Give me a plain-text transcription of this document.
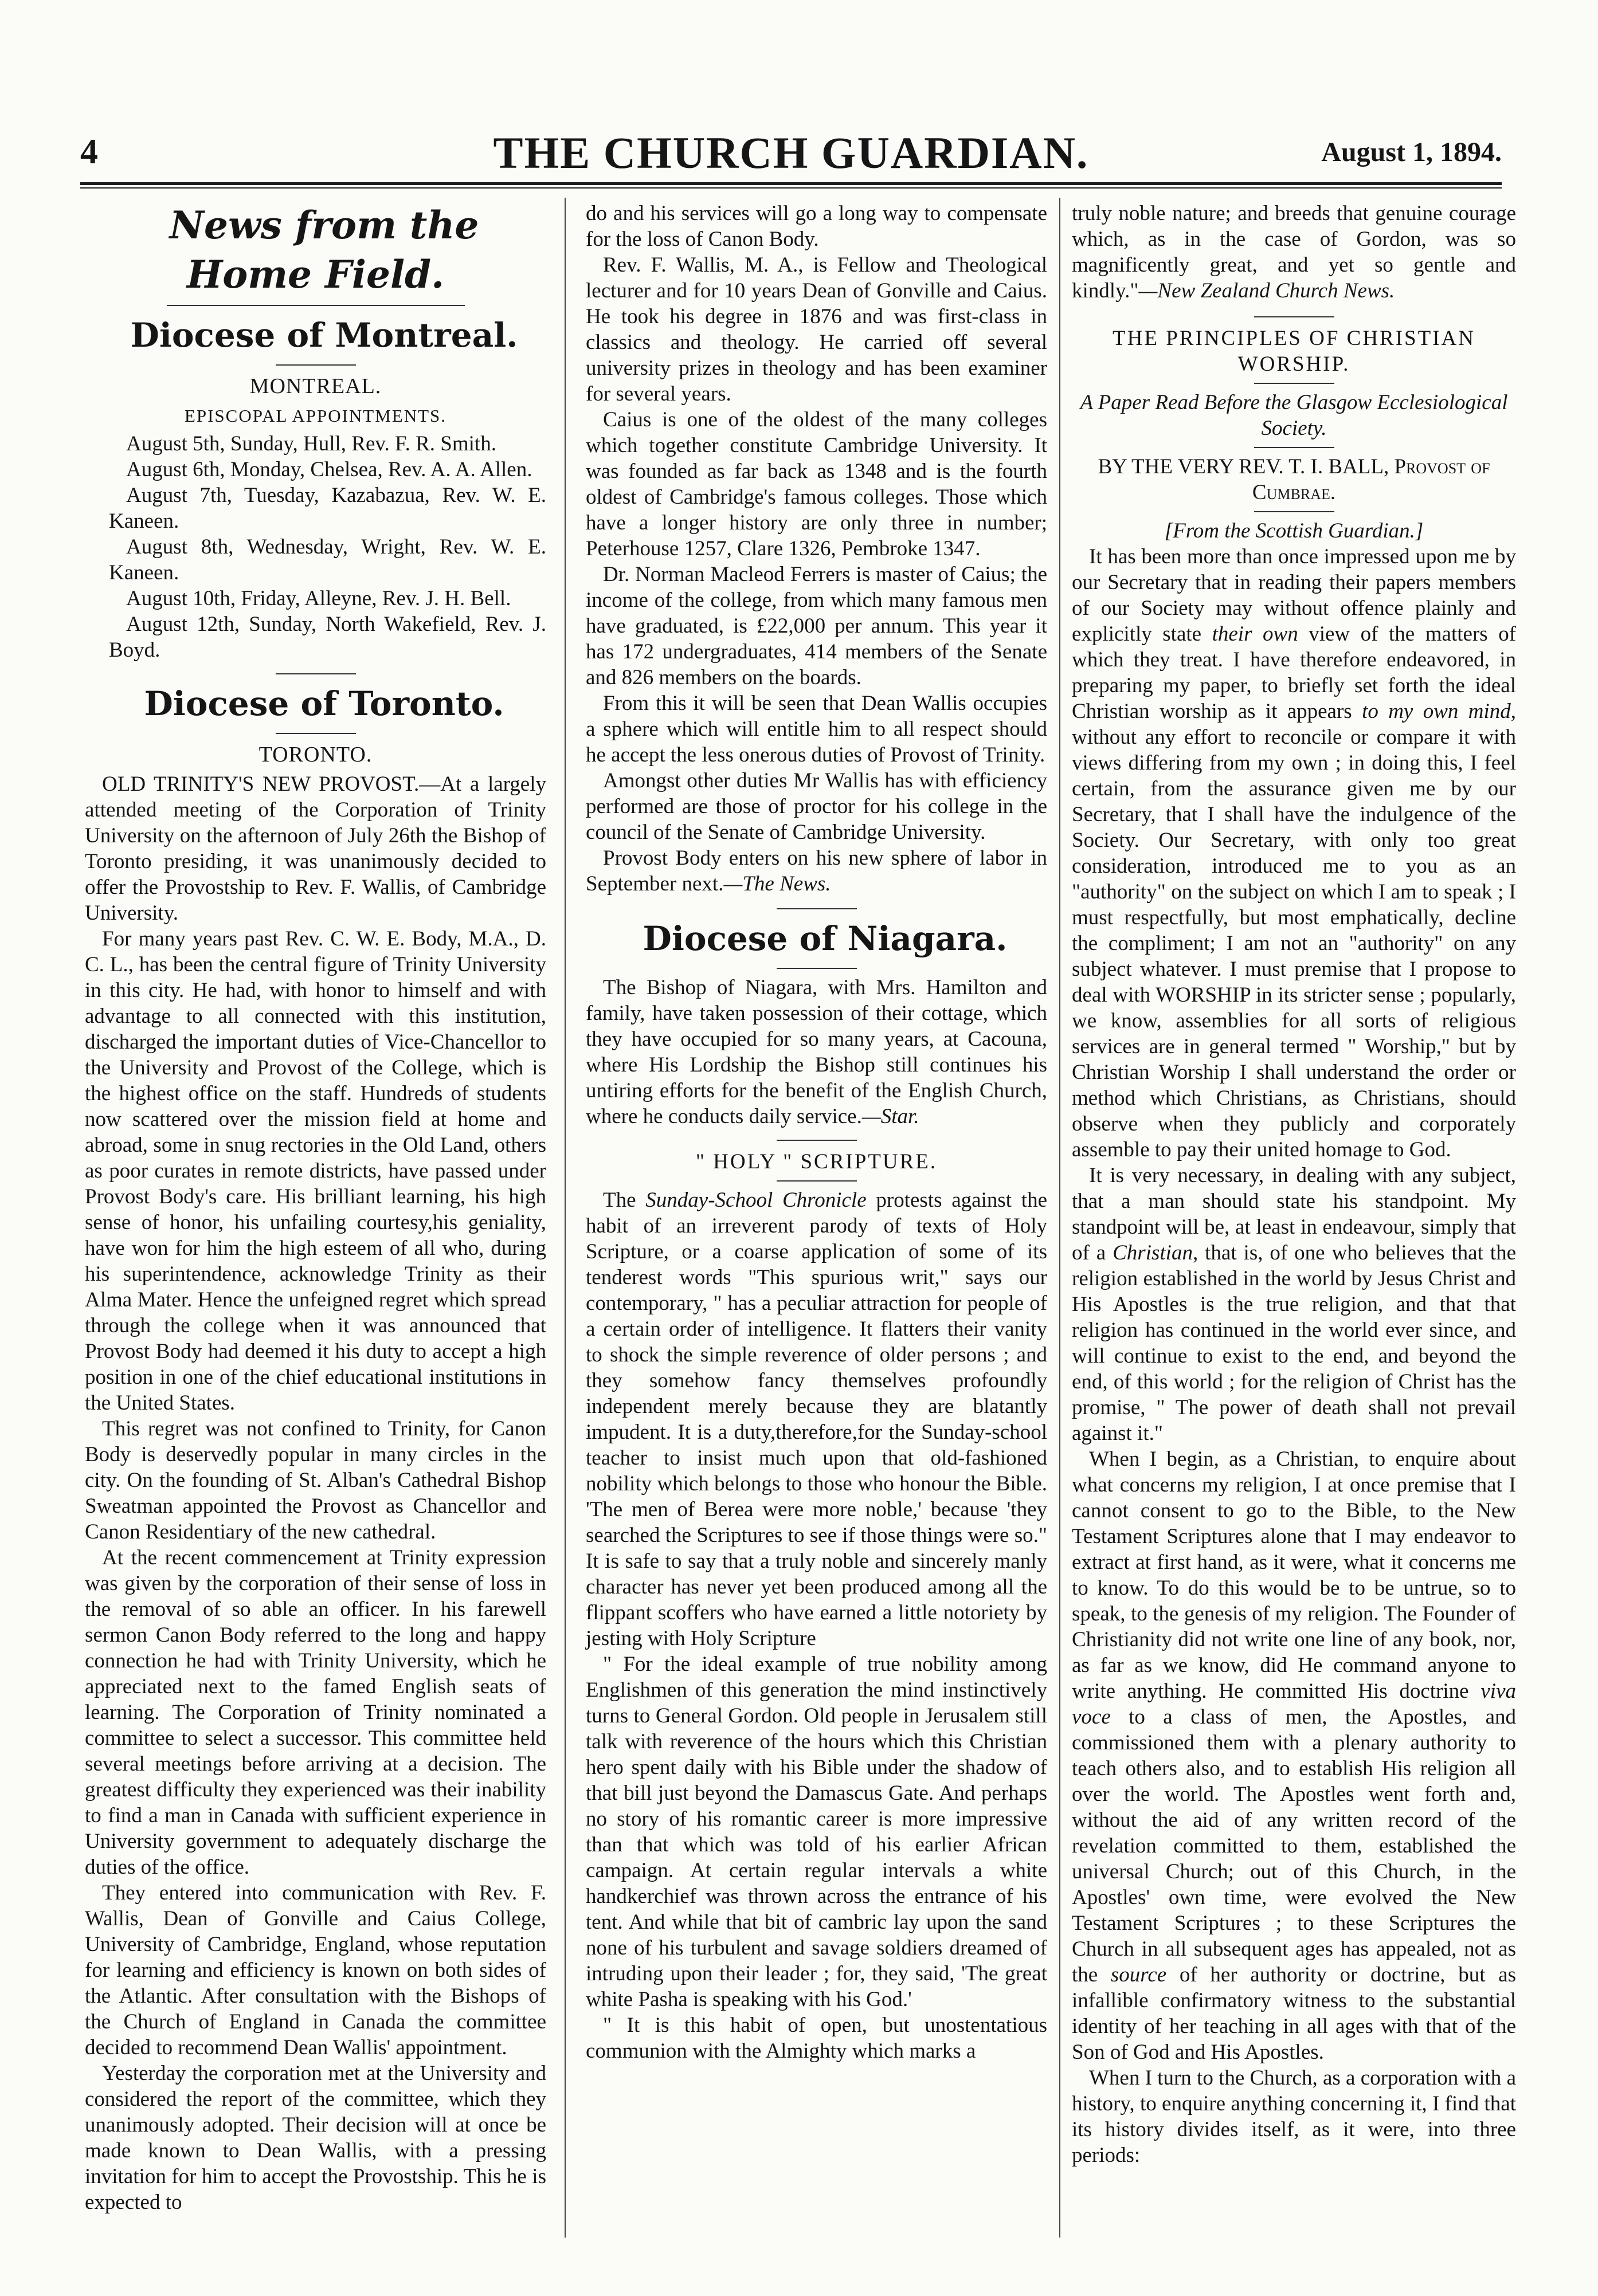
4	THE CHURCH GUARDIAN.	August 1, 1894.

News from the Home Field.

Diocese of Montreal.

MONTREAL.
EPISCOPAL APPOINTMENTS.

August 5th, Sunday, Hull, Rev. F. R. Smith.

August 6th, Monday, Chelsea, Rev. A. A. Allen.

August 7th, Tuesday, Kazabazua, Rev. W. E. Kaneen.

August 8th, Wednesday, Wright, Rev. W. E. Kaneen.

August 10th, Friday, Alleyne, Rev. J. H. Bell.

August 12th, Sunday, North Wakefield, Rev. J. Boyd.

Diocese of Toronto.

TORONTO.

OLD TRINITY'S NEW PROVOST.—At a largely attended meeting of the Corporation of Trinity University on the afternoon of July 26th the Bishop of Toronto presiding, it was unanimously decided to offer the Provostship to Rev. F. Wallis, of Cambridge University.

For many years past Rev. C. W. E. Body, M.A., D. C. L., has been the central figure of Trinity University in this city. He had, with honor to himself and with advantage to all connected with this institution, discharged the important duties of Vice-Chancellor to the University and Provost of the College, which is the highest office on the staff. Hundreds of students now scattered over the mission field at home and abroad, some in snug rectories in the Old Land, others as poor curates in remote districts, have passed under Provost Body's care. His brilliant learning, his high sense of honor, his unfailing courtesy,his geniality, have won for him the high esteem of all who, during his superintendence, acknowledge Trinity as their Alma Mater. Hence the unfeigned regret which spread through the college when it was announced that Provost Body had deemed it his duty to accept a high position in one of the chief educational institutions in the United States.

This regret was not confined to Trinity, for Canon Body is deservedly popular in many circles in the city. On the founding of St. Alban's Cathedral Bishop Sweatman appointed the Provost as Chancellor and Canon Residentiary of the new cathedral.

At the recent commencement at Trinity expression was given by the corporation of their sense of loss in the removal of so able an officer. In his farewell sermon Canon Body referred to the long and happy connection he had with Trinity University, which he appreciated next to the famed English seats of learning. The Corporation of Trinity nominated a committee to select a successor. This committee held several meetings before arriving at a decision. The greatest difficulty they experienced was their inability to find a man in Canada with sufficient experience in University government to adequately discharge the duties of the office.

They entered into communication with Rev. F. Wallis, Dean of Gonville and Caius College, University of Cambridge, England, whose reputation for learning and efficiency is known on both sides of the Atlantic. After consultation with the Bishops of the Church of England in Canada the committee decided to recommend Dean Wallis' appointment.

Yesterday the corporation met at the University and considered the report of the committee, which they unanimously adopted. Their decision will at once be made known to Dean Wallis, with a pressing invitation for him to accept the Provostship. This he is expected to

do and his services will go a long way to compensate for the loss of Canon Body.

Rev. F. Wallis, M. A., is Fellow and Theological lecturer and for 10 years Dean of Gonville and Caius. He took his degree in 1876 and was first-class in classics and theology. He carried off several university prizes in theology and has been examiner for several years.

Caius is one of the oldest of the many colleges which together constitute Cambridge University. It was founded as far back as 1348 and is the fourth oldest of Cambridge's famous colleges. Those which have a longer history are only three in number; Peterhouse 1257, Clare 1326, Pembroke 1347.

Dr. Norman Macleod Ferrers is master of Caius; the income of the college, from which many famous men have graduated, is £22,000 per annum. This year it has 172 undergraduates, 414 members of the Senate and 826 members on the boards.

From this it will be seen that Dean Wallis occupies a sphere which will entitle him to all respect should he accept the less onerous duties of Provost of Trinity.

Amongst other duties Mr Wallis has with efficiency performed are those of proctor for his college in the council of the Senate of Cambridge University.

Provost Body enters on his new sphere of labor in September next.—The News.

Diocese of Niagara.

The Bishop of Niagara, with Mrs. Hamilton and family, have taken possession of their cottage, which they have occupied for so many years, at Cacouna, where His Lordship the Bishop still continues his untiring efforts for the benefit of the English Church, where he conducts daily service.—Star.

" HOLY " SCRIPTURE.

The Sunday-School Chronicle protests against the habit of an irreverent parody of texts of Holy Scripture, or a coarse application of some of its tenderest words "This spurious writ," says our contemporary, " has a peculiar attraction for people of a certain order of intelligence. It flatters their vanity to shock the simple reverence of older persons ; and they somehow fancy themselves profoundly independent merely because they are blatantly impudent. It is a duty,therefore,for the Sunday-school teacher to insist much upon that old-fashioned nobility which belongs to those who honour the Bible. 'The men of Berea were more noble,' because 'they searched the Scriptures to see if those things were so." It is safe to say that a truly noble and sincerely manly character has never yet been produced among all the flippant scoffers who have earned a little notoriety by jesting with Holy Scripture

" For the ideal example of true nobility among Englishmen of this generation the mind instinctively turns to General Gordon. Old people in Jerusalem still talk with reverence of the hours which this Christian hero spent daily with his Bible under the shadow of that bill just beyond the Damascus Gate. And perhaps no story of his romantic career is more impressive than that which was told of his earlier African campaign. At certain regular intervals a white handkerchief was thrown across the entrance of his tent. And while that bit of cambric lay upon the sand none of his turbulent and savage soldiers dreamed of intruding upon their leader ; for, they said, 'The great white Pasha is speaking with his God.'

" It is this habit of open, but unostentatious communion with the Almighty which marks a

truly noble nature; and breeds that genuine courage which, as in the case of Gordon, was so magnificently great, and yet so gentle and kindly."—New Zealand Church News.

THE PRINCIPLES OF CHRISTIAN WORSHIP.

A Paper Read Before the Glasgow Ecclesiological Society.

BY THE VERY REV. T. I. BALL, Provost of Cumbrae.

[From the Scottish Guardian.]

It has been more than once impressed upon me by our Secretary that in reading their papers members of our Society may without offence plainly and explicitly state their own view of the matters of which they treat. I have therefore endeavored, in preparing my paper, to briefly set forth the ideal Christian worship as it appears to my own mind, without any effort to reconcile or compare it with views differing from my own ; in doing this, I feel certain, from the assurance given me by our Secretary, that I shall have the indulgence of the Society. Our Secretary, with only too great consideration, introduced me to you as an "authority" on the subject on which I am to speak ; I must respectfully, but most emphatically, decline the compliment; I am not an "authority" on any subject whatever. I must premise that I propose to deal with WORSHIP in its stricter sense ; popularly, we know, assemblies for all sorts of religious services are in general termed " Worship," but by Christian Worship I shall understand the order or method which Christians, as Christians, should observe when they publicly and corporately assemble to pay their united homage to God.

It is very necessary, in dealing with any subject, that a man should state his standpoint. My standpoint will be, at least in endeavour, simply that of a Christian, that is, of one who believes that the religion established in the world by Jesus Christ and His Apostles is the true religion, and that that religion has continued in the world ever since, and will continue to exist to the end, and beyond the end, of this world ; for the religion of Christ has the promise, " The power of death shall not prevail against it."

When I begin, as a Christian, to enquire about what concerns my religion, I at once premise that I cannot consent to go to the Bible, to the New Testament Scriptures alone that I may endeavor to extract at first hand, as it were, what it concerns me to know. To do this would be to be untrue, so to speak, to the genesis of my religion. The Founder of Christianity did not write one line of any book, nor, as far as we know, did He command anyone to write anything. He committed His doctrine viva voce to a class of men, the Apostles, and commissioned them with a plenary authority to teach others also, and to establish His religion all over the world. The Apostles went forth and, without the aid of any written record of the revelation committed to them, established the universal Church; out of this Church, in the Apostles' own time, were evolved the New Testament Scriptures ; to these Scriptures the Church in all subsequent ages has appealed, not as the source of her authority or doctrine, but as infallible confirmatory witness to the substantial identity of her teaching in all ages with that of the Son of God and His Apostles.

When I turn to the Church, as a corporation with a history, to enquire anything concerning it, I find that its history divides itself, as it were, into three periods:
